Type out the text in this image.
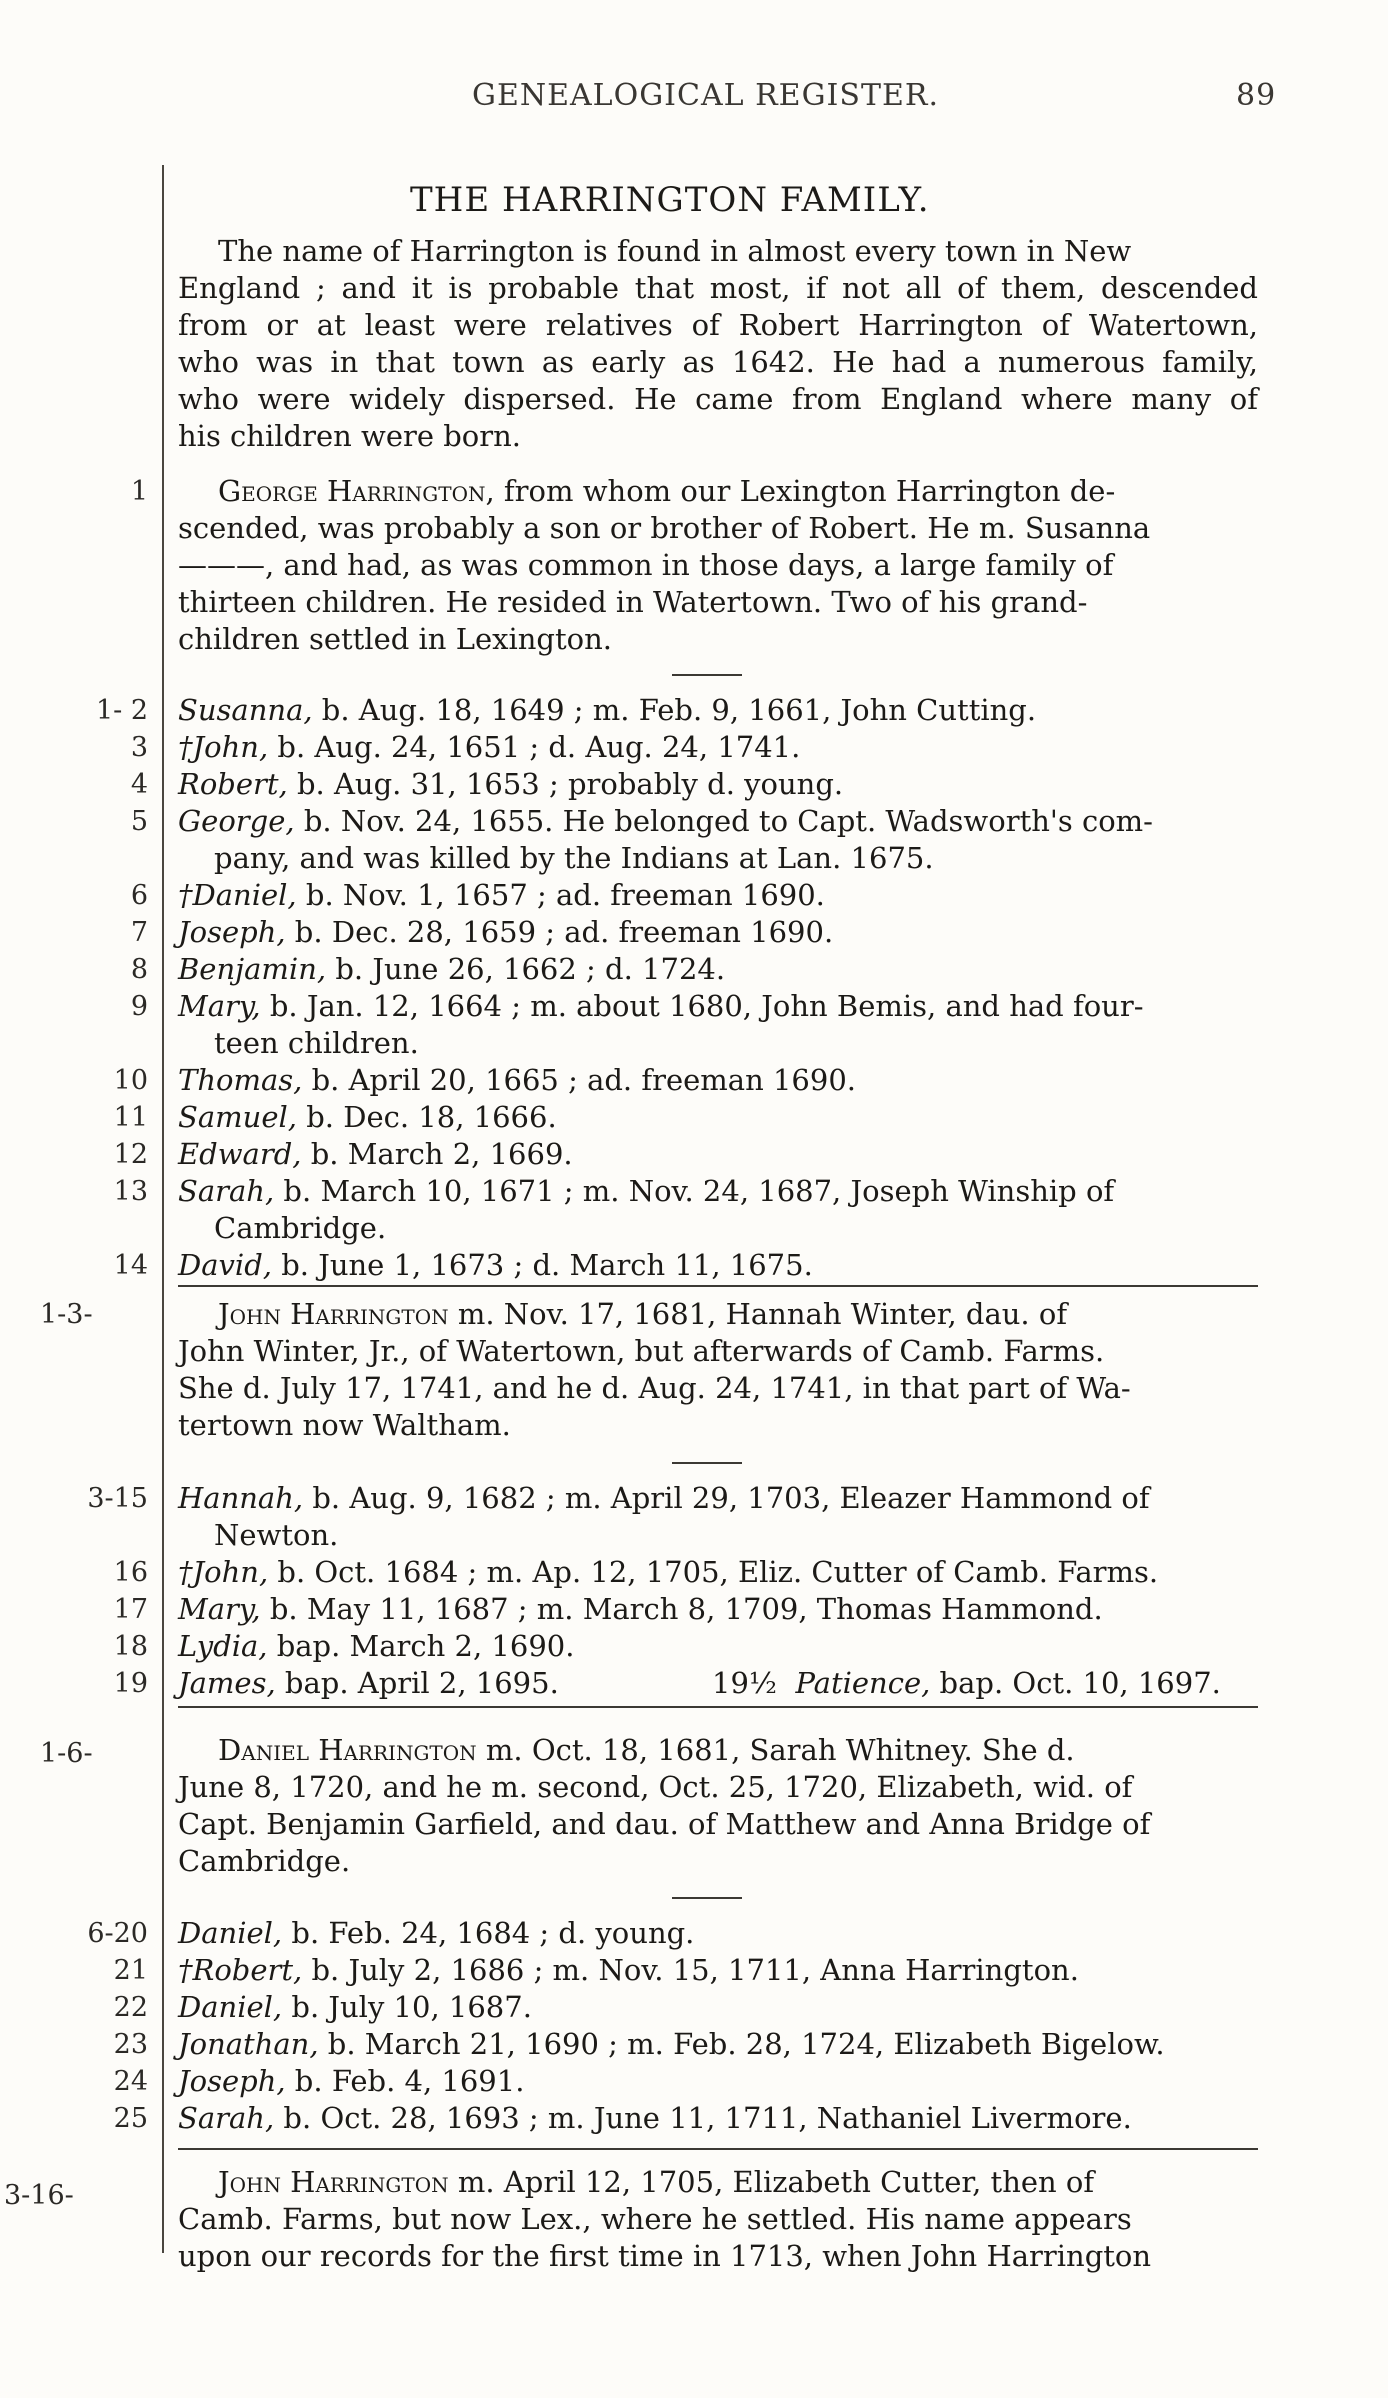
GENEALOGICAL REGISTER.	89
THE HARRINGTON FAMILY.
The name of Harrington is found in almost every town in New
England ; and it is probable that most, if not all of them, descended
from or at least were relatives of Robert Harrington of Watertown,
who was in that town as early as 1642. He had a numerous family,
who were widely dispersed. He came from England where many of
his children were born.
1 George Harrington, from whom our Lexington Harrington de-
scended, was probably a son or brother of Robert. He m. Susanna
———, and had, as was common in those days, a large family of
thirteen children. He resided in Watertown. Two of his grand-
children settled in Lexington.
1- 2 Susanna, b. Aug. 18, 1649 ; m. Feb. 9, 1661, John Cutting.
3 †John, b. Aug. 24, 1651 ; d. Aug. 24, 1741.
4 Robert, b. Aug. 31, 1653 ; probably d. young.
5 George, b. Nov. 24, 1655. He belonged to Capt. Wadsworth's com-
pany, and was killed by the Indians at Lan. 1675.
6 †Daniel, b. Nov. 1, 1657 ; ad. freeman 1690.
7 Joseph, b. Dec. 28, 1659 ; ad. freeman 1690.
8 Benjamin, b. June 26, 1662 ; d. 1724.
9 Mary, b. Jan. 12, 1664 ; m. about 1680, John Bemis, and had four-
teen children.
10 Thomas, b. April 20, 1665 ; ad. freeman 1690.
11 Samuel, b. Dec. 18, 1666.
12 Edward, b. March 2, 1669.
13 Sarah, b. March 10, 1671 ; m. Nov. 24, 1687, Joseph Winship of
Cambridge.
14 David, b. June 1, 1673 ; d. March 11, 1675.
1-3-	John Harrington m. Nov. 17, 1681, Hannah Winter, dau. of
John Winter, Jr., of Watertown, but afterwards of Camb. Farms.
She d. July 17, 1741, and he d. Aug. 24, 1741, in that part of Wa-
tertown now Waltham.
3-15 Hannah, b. Aug. 9, 1682 ; m. April 29, 1703, Eleazer Hammond of
Newton.
16 †John, b. Oct. 1684 ; m. Ap. 12, 1705, Eliz. Cutter of Camb. Farms.
17 Mary, b. May 11, 1687 ; m. March 8, 1709, Thomas Hammond.
18 Lydia, bap. March 2, 1690.
19 James, bap. April 2, 1695.	19½ Patience, bap. Oct. 10, 1697.
1-6-	Daniel Harrington m. Oct. 18, 1681, Sarah Whitney. She d.
June 8, 1720, and he m. second, Oct. 25, 1720, Elizabeth, wid. of
Capt. Benjamin Garfield, and dau. of Matthew and Anna Bridge of
Cambridge.
6-20 Daniel, b. Feb. 24, 1684 ; d. young.
21 †Robert, b. July 2, 1686 ; m. Nov. 15, 1711, Anna Harrington.
22 Daniel, b. July 10, 1687.
23 Jonathan, b. March 21, 1690 ; m. Feb. 28, 1724, Elizabeth Bigelow.
24 Joseph, b. Feb. 4, 1691.
25 Sarah, b. Oct. 28, 1693 ; m. June 11, 1711, Nathaniel Livermore.
3-16-	John Harrington m. April 12, 1705, Elizabeth Cutter, then of
Camb. Farms, but now Lex., where he settled. His name appears
upon our records for the first time in 1713, when John Harrington
